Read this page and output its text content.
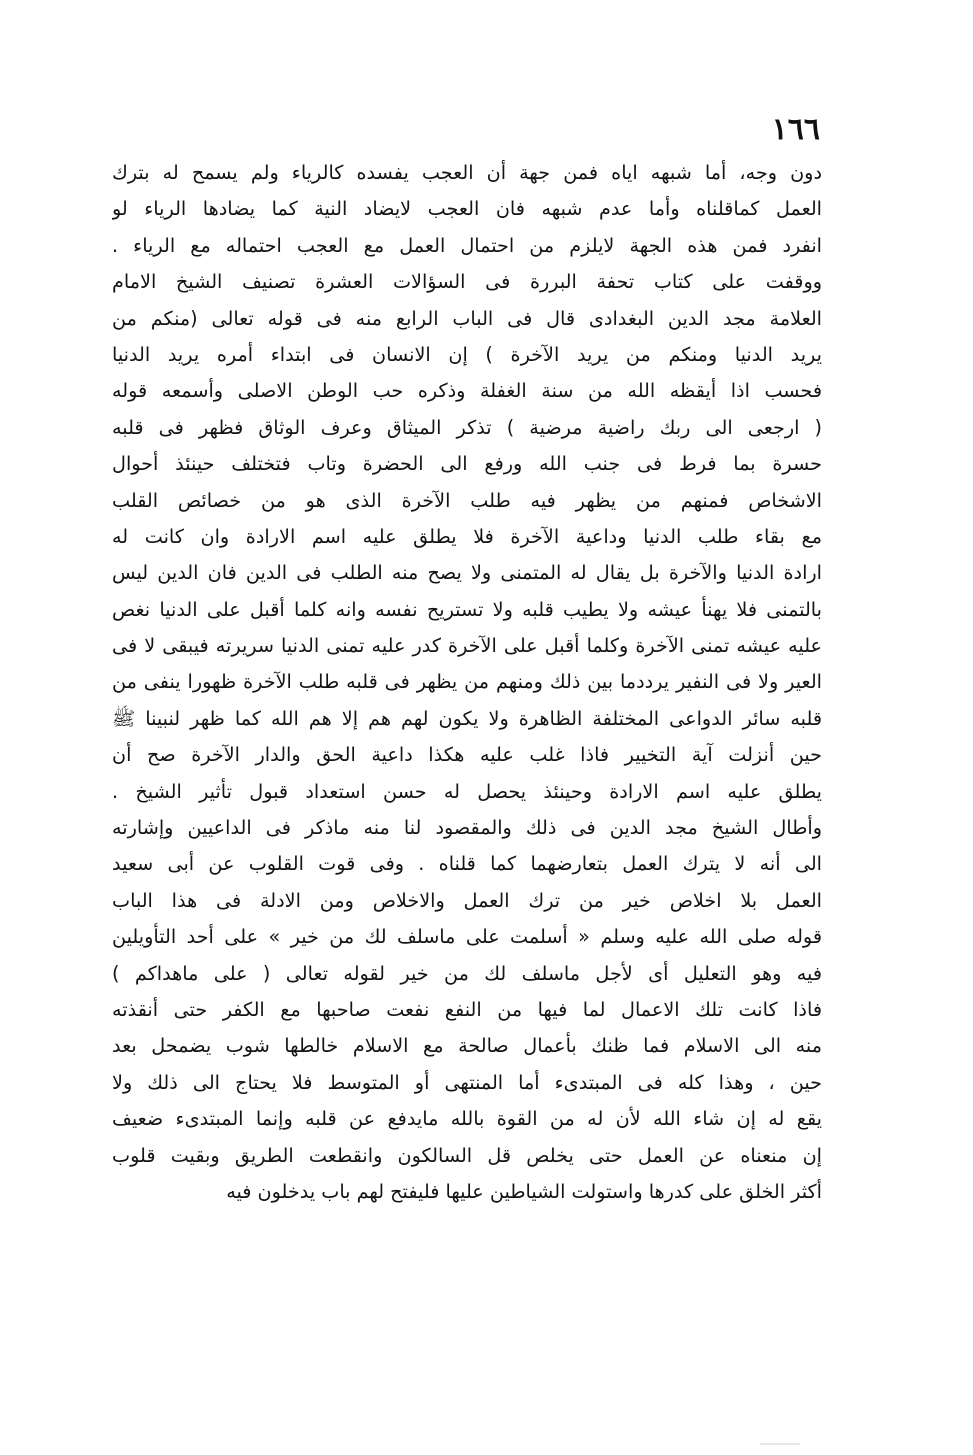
١٦٦
دون وجه، أما شبهه اياه فمن جهة أن العجب يفسده كالرياء ولم يسمح له بترك
العمل كماقلناه وأما عدم شبهه فان العجب لايضاد النية كما يضادها الرياء لو
انفرد فمن هذه الجهة لايلزم من احتمال العمل مع العجب احتماله مع الرياء .
ووقفت على كتاب تحفة البررة فى السؤالات العشرة تصنيف الشيخ الامام
العلامة مجد الدين البغدادى قال فى الباب الرابع منه فى قوله تعالى (منكم من
يريد الدنيا ومنكم من يريد الآخرة ) إن الانسان فى ابتداء أمره يريد الدنيا
فحسب اذا أيقظه الله من سنة الغفلة وذكره حب الوطن الاصلى وأسمعه قوله
( ارجعى الى ربك راضية مرضية ) تذكر الميثاق وعرف الوثاق فظهر فى قلبه
حسرة بما فرط فى جنب الله ورفع الى الحضرة وتاب فتختلف حينئذ أحوال
الاشخاص فمنهم من يظهر فيه طلب الآخرة الذى هو من خصائص القلب
مع بقاء طلب الدنيا وداعية الآخرة فلا يطلق عليه اسم الارادة وان كانت له
ارادة الدنيا والآخرة بل يقال له المتمنى ولا يصح منه الطلب فى الدين فان الدين ليس
بالتمنى فلا يهنأ عيشه ولا يطيب قلبه ولا تستريح نفسه وانه كلما أقبل على الدنيا نغص
عليه عيشه تمنى الآخرة وكلما أقبل على الآخرة كدر عليه تمنى الدنيا سريرته فيبقى لا فى
العير ولا فى النفير يرددما بين ذلك ومنهم من يظهر فى قلبه طلب الآخرة ظهورا ينفى من
قلبه سائر الدواعى المختلفة الظاهرة ولا يكون لهم هم إلا هم الله كما ظهر لنبينا ﷺ
حين أنزلت آية التخيير فاذا غلب عليه هكذا داعية الحق والدار الآخرة صح أن
يطلق عليه اسم الارادة وحينئذ يحصل له حسن استعداد قبول تأثير الشيخ .
وأطال الشيخ مجد الدين فى ذلك والمقصود لنا منه ماذكر فى الداعيين وإشارته
الى أنه لا يترك العمل بتعارضهما كما قلناه . وفى قوت القلوب عن أبى سعيد
العمل بلا اخلاص خير من ترك العمل والاخلاص ومن الادلة فى هذا الباب
قوله صلى الله عليه وسلم « أسلمت على ماسلف لك من خير » على أحد التأويلين
فيه وهو التعليل أى لأجل ماسلف لك من خير لقوله تعالى ( على ماهداكم )
فاذا كانت تلك الاعمال لما فيها من النفع نفعت صاحبها مع الكفر حتى أنقذته
منه الى الاسلام فما ظنك بأعمال صالحة مع الاسلام خالطها شوب يضمحل بعد
حين ، وهذا كله فى المبتدىء أما المنتهى أو المتوسط فلا يحتاج الى ذلك ولا
يقع له إن شاء الله لأن له من القوة بالله مايدفع عن قلبه وإنما المبتدىء ضعيف
إن منعناه عن العمل حتى يخلص قل السالكون وانقطعت الطريق وبقيت قلوب
أكثر الخلق على كدرها واستولت الشياطين عليها فليفتح لهم باب يدخلون فيه
